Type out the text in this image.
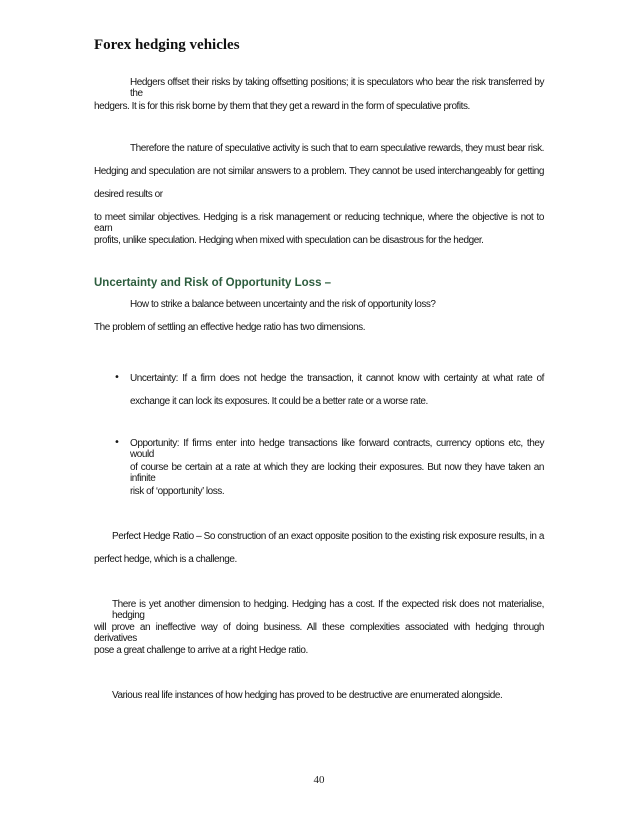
Forex hedging vehicles
Hedgers offset their risks by taking offsetting positions; it is speculators who bear the risk transferred by the
hedgers. It is for this risk borne by them that they get a reward in the form of speculative profits.
Therefore the nature of speculative activity is such that to earn speculative rewards, they must bear risk.
Hedging and speculation are not similar answers to a problem. They cannot be used interchangeably for getting
desired results or
to meet similar objectives. Hedging is a risk management or reducing technique, where the objective is not to earn
profits, unlike speculation. Hedging when mixed with speculation can be disastrous for the hedger.
Uncertainty and Risk of Opportunity Loss –
How to strike a balance between uncertainty and the risk of opportunity loss?
The problem of settling an effective hedge ratio has two dimensions.
• Uncertainty: If a firm does not hedge the transaction, it cannot know with certainty at what rate of
exchange it can lock its exposures. It could be a better rate or a worse rate.
• Opportunity: If firms enter into hedge transactions like forward contracts, currency options etc, they would
of course be certain at a rate at which they are locking their exposures. But now they have taken an infinite
risk of ‘opportunity’ loss.
Perfect Hedge Ratio – So construction of an exact opposite position to the existing risk exposure results, in a
perfect hedge, which is a challenge.
There is yet another dimension to hedging. Hedging has a cost. If the expected risk does not materialise, hedging
will prove an ineffective way of doing business. All these complexities associated with hedging through derivatives
pose a great challenge to arrive at a right Hedge ratio.
Various real life instances of how hedging has proved to be destructive are enumerated alongside.
40
